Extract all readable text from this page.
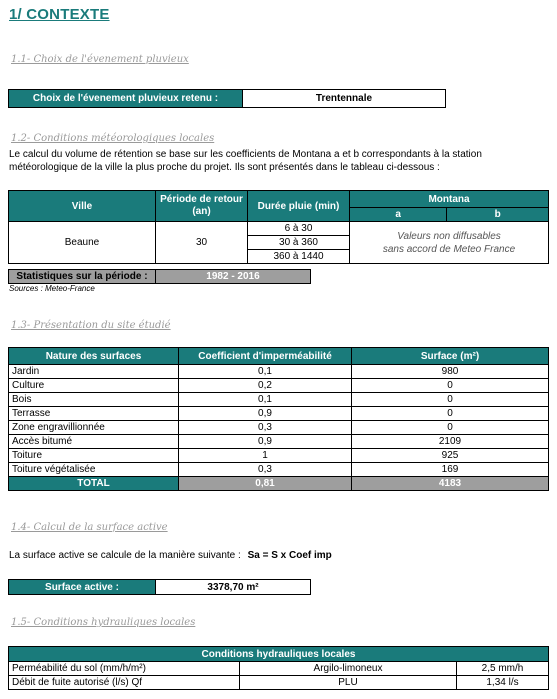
1/ CONTEXTE
1.1- Choix de l'évenement pluvieux
Choix de l'évenement pluvieux retenu :	Trentennale
1.2- Conditions météorologiques locales
Le calcul du volume de rétention se base sur les coefficients de Montana a et b correspondants à la station
météorologique de la ville la plus proche du projet. Ils sont présentés dans le tableau ci-dessous :
Ville	Période de retour (an)	Durée pluie (min)	Montana	
			a	b
Beaune	30	6 à 30	Valeurs non diffusables
sans accord de Meteo France	

		30 à 360		
		360 à 1440		
Statistiques sur la période :	1982 - 2016
Sources : Meteo-France
1.3- Présentation du site étudié
Nature des surfaces	Coefficient d'imperméabilité	Surface (m²)
Jardin	0,1	980
Culture	0,2	0
Bois	0,1	0
Terrasse	0,9	0
Zone engravillionnée	0,3	0
Accès bitumé	0,9	2109
Toiture	1	925
Toiture végétalisée	0,3	169
TOTAL	0,81	4183
1.4- Calcul de la surface active
La surface active se calcule de la manière suivante : Sa = S x Coef imp
Surface active :	3378,70 m²
1.5- Conditions hydrauliques locales
Conditions hydrauliques locales		
Perméabilité du sol (mm/h/m²)	Argilo-limoneux	2,5 mm/h
Débit de fuite autorisé (l/s) Qf	PLU	1,34 l/s
